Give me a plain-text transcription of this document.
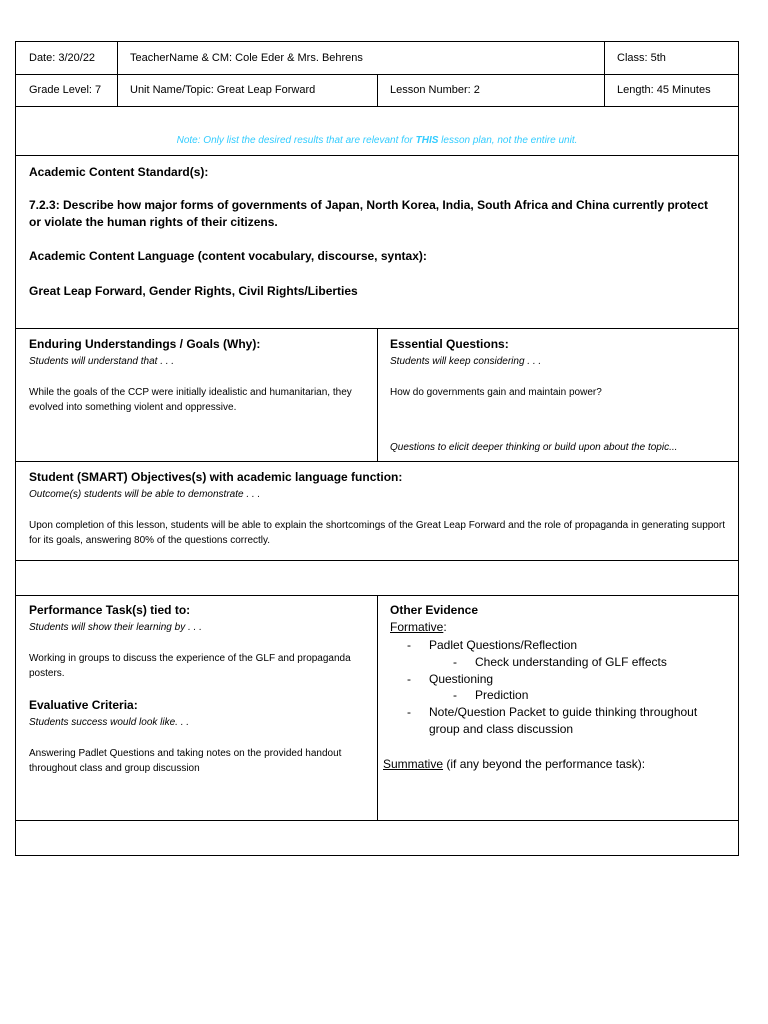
Date: 3/20/22	TeacherName & CM: Cole Eder & Mrs. Behrens	Class: 5th
Grade Level: 7	Unit Name/Topic: Great Leap Forward	Lesson Number: 2	Length: 45 Minutes
Note: Only list the desired results that are relevant for THIS lesson plan, not the entire unit.
Academic Content Standard(s):
7.2.3: Describe how major forms of governments of Japan, North Korea, India, South Africa and China currently protect or violate the human rights of their citizens.
Academic Content Language (content vocabulary, discourse, syntax):
Great Leap Forward, Gender Rights, Civil Rights/Liberties
Enduring Understandings / Goals (Why):
Students will understand that . . .
While the goals of the CCP were initially idealistic and humanitarian, they evolved into something violent and oppressive.
Essential Questions:
Students will keep considering . . .
How do governments gain and maintain power?
Questions to elicit deeper thinking or build upon about the topic...
Student (SMART) Objectives(s) with academic language function:
Outcome(s) students will be able to demonstrate . . .
Upon completion of this lesson, students will be able to explain the shortcomings of the Great Leap Forward and the role of propaganda in generating support for its goals, answering 80% of the questions correctly.
Performance Task(s) tied to:
Students will show their learning by . . .
Working in groups to discuss the experience of the GLF and propaganda posters.
Evaluative Criteria:
Students success would look like. . .
Answering Padlet Questions and taking notes on the provided handout throughout class and group discussion
Other Evidence
Formative:
- Padlet Questions/Reflection
- Check understanding of GLF effects
- Questioning
- Prediction
- Note/Question Packet to guide thinking throughout group and class discussion
Summative (if any beyond the performance task):
